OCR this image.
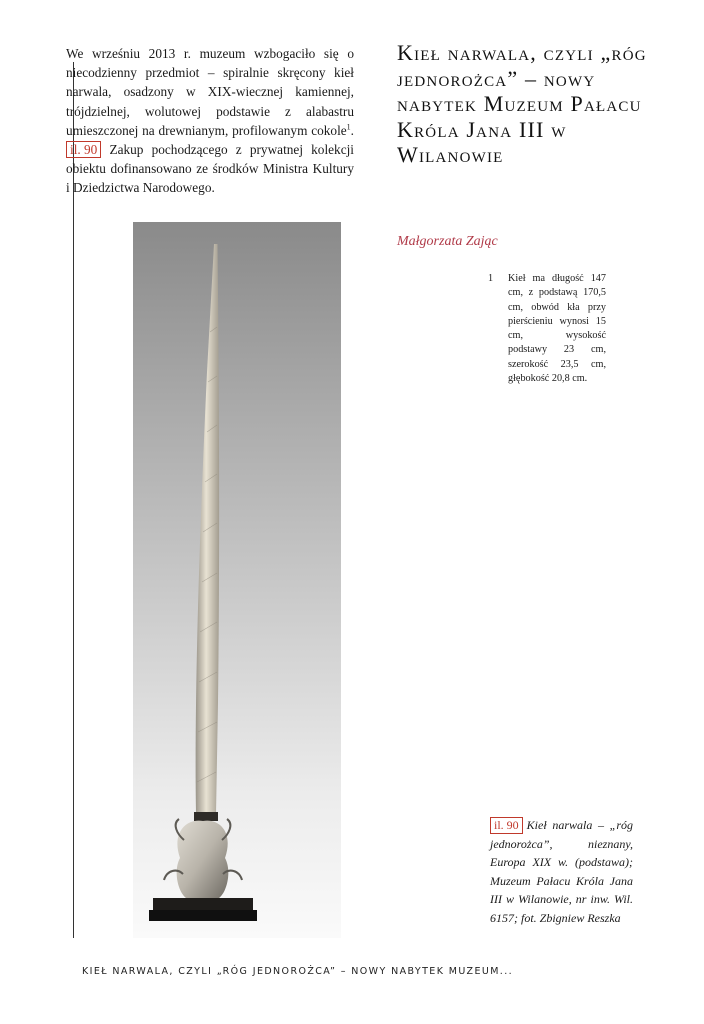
We wrześniu 2013 r. muzeum wzbogaciło się o niecodzienny przedmiot – spiralnie skręcony kieł narwala, osadzony w XIX-wiecznej kamiennej, trójdzielnej, wolutowej podstawie z alabastru umieszczonej na drewnianym, profilowanym cokole$^1$. il. 90 Zakup pochodzącego z prywatnej kolekcji obiektu dofinansowano ze środków Ministra Kultury i Dziedzictwa Narodowego.
Kieł narwala, czyli „róg jednorożca” – nowy nabytek Muzeum Pałacu Króla Jana III w Wilanowie
Małgorzata Zając
1	Kieł ma długość 147 cm, z podstawą 170,5 cm, obwód kła przy pierścieniu wynosi 15 cm, wysokość podstawy 23 cm, szerokość 23,5 cm, głębokość 20,8 cm.
il. 90 Kieł narwala – „róg jednorożca”, nieznany, Europa XIX w. (podstawa); Muzeum Pałacu Króla Jana III w Wilanowie, nr inw. Wil. 6157; fot. Zbigniew Reszka
KIEŁ NARWALA, CZYLI „RÓG JEDNOROŻCA” – NOWY NABYTEK MUZEUM...
